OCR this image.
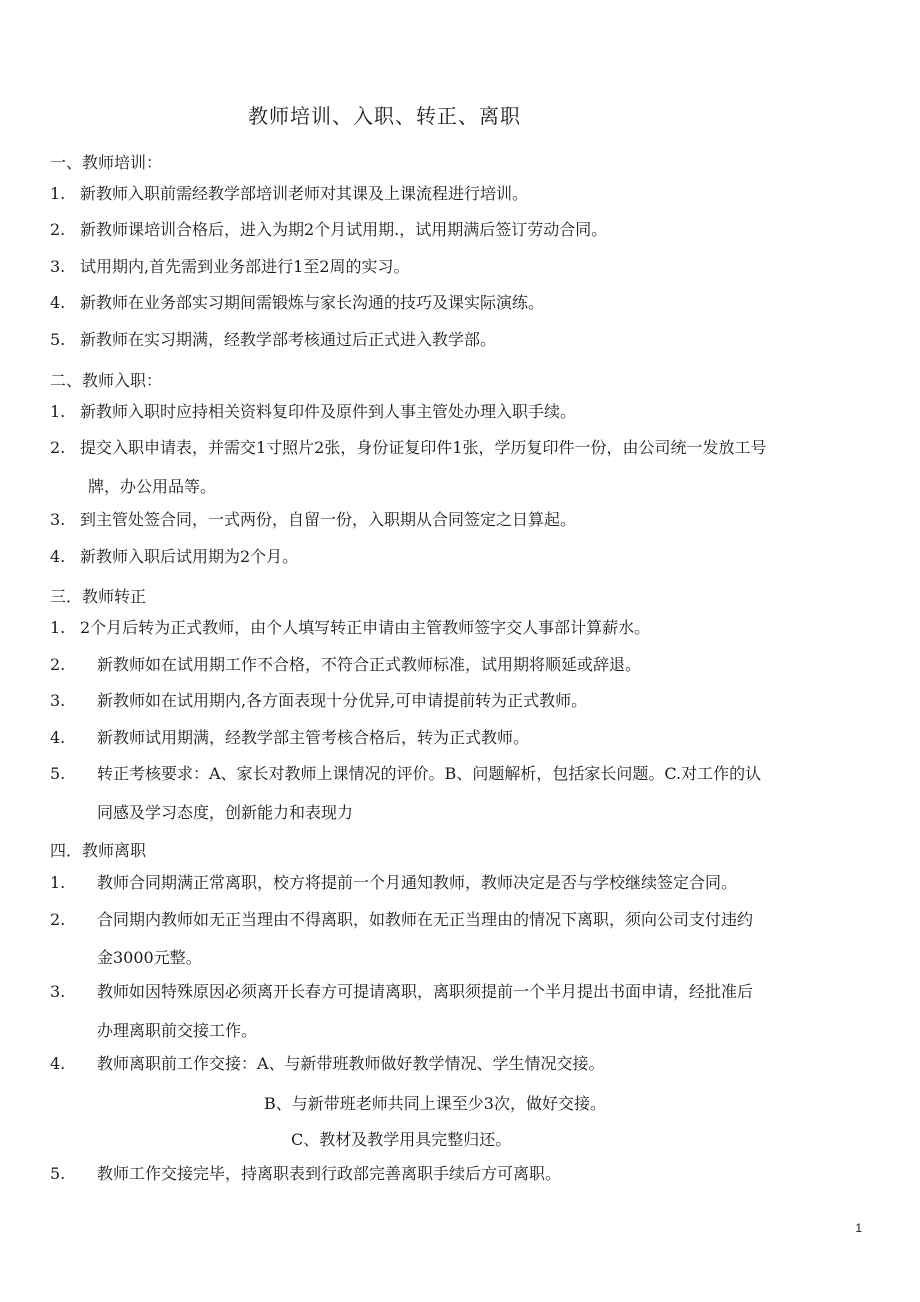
教师培训、入职、转正、离职
一、教师培训：
1. 新教师入职前需经教学部培训老师对其课及上课流程进行培训。
2. 新教师课培训合格后，进入为期2个月试用期.，试用期满后签订劳动合同。
3. 试用期内,首先需到业务部进行1至2周的实习。
4. 新教师在业务部实习期间需锻炼与家长沟通的技巧及课实际演练。
5. 新教师在实习期满，经教学部考核通过后正式进入教学部。
二、教师入职：
1. 新教师入职时应持相关资料复印件及原件到人事主管处办理入职手续。
2. 提交入职申请表，并需交1寸照片2张，身份证复印件1张，学历复印件一份，由公司统一发放工号
牌，办公用品等。
3. 到主管处签合同，一式两份，自留一份，入职期从合同签定之日算起。
4. 新教师入职后试用期为2个月。
三．教师转正
1. 2个月后转为正式教师，由个人填写转正申请由主管教师签字交人事部计算薪水。
2. 新教师如在试用期工作不合格，不符合正式教师标准，试用期将顺延或辞退。
3. 新教师如在试用期内,各方面表现十分优异,可申请提前转为正式教师。
4. 新教师试用期满，经教学部主管考核合格后，转为正式教师。
5. 转正考核要求：A、家长对教师上课情况的评价。B、问题解析，包括家长问题。C.对工作的认
同感及学习态度，创新能力和表现力
四．教师离职
1. 教师合同期满正常离职，校方将提前一个月通知教师，教师决定是否与学校继续签定合同。
2. 合同期内教师如无正当理由不得离职，如教师在无正当理由的情况下离职，须向公司支付违约
金3000元整。
3. 教师如因特殊原因必须离开长春方可提请离职，离职须提前一个半月提出书面申请，经批准后
办理离职前交接工作。
4. 教师离职前工作交接：A、与新带班教师做好教学情况、学生情况交接。
B、与新带班老师共同上课至少3次，做好交接。
C、教材及教学用具完整归还。
5. 教师工作交接完毕，持离职表到行政部完善离职手续后方可离职。
1
